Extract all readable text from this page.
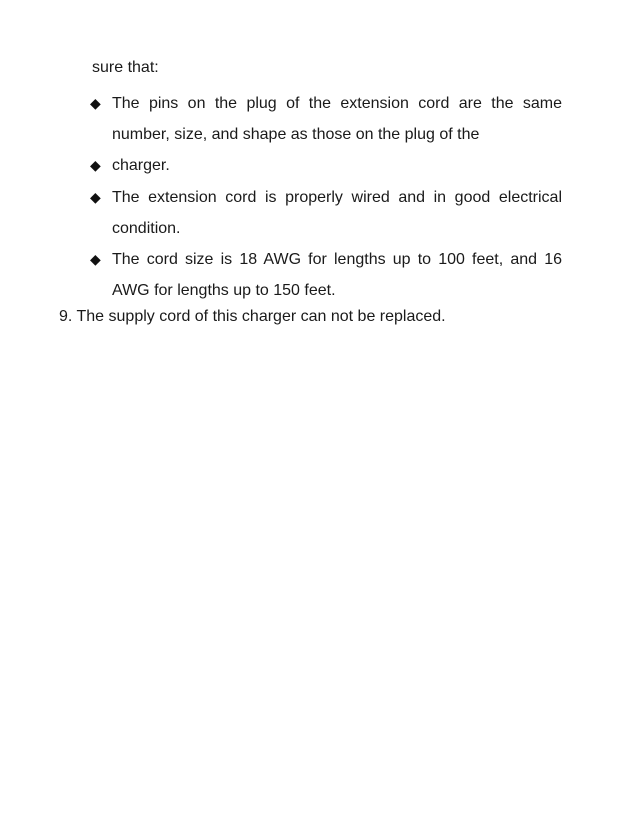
sure that:
◆ The pins on the plug of the extension cord are the same number, size, and shape as those on the plug of the
◆ charger.
◆ The extension cord is properly wired and in good electrical condition.
◆ The cord size is 18 AWG for lengths up to 100 feet, and 16 AWG for lengths up to 150 feet.
9. The supply cord of this charger can not be replaced.
